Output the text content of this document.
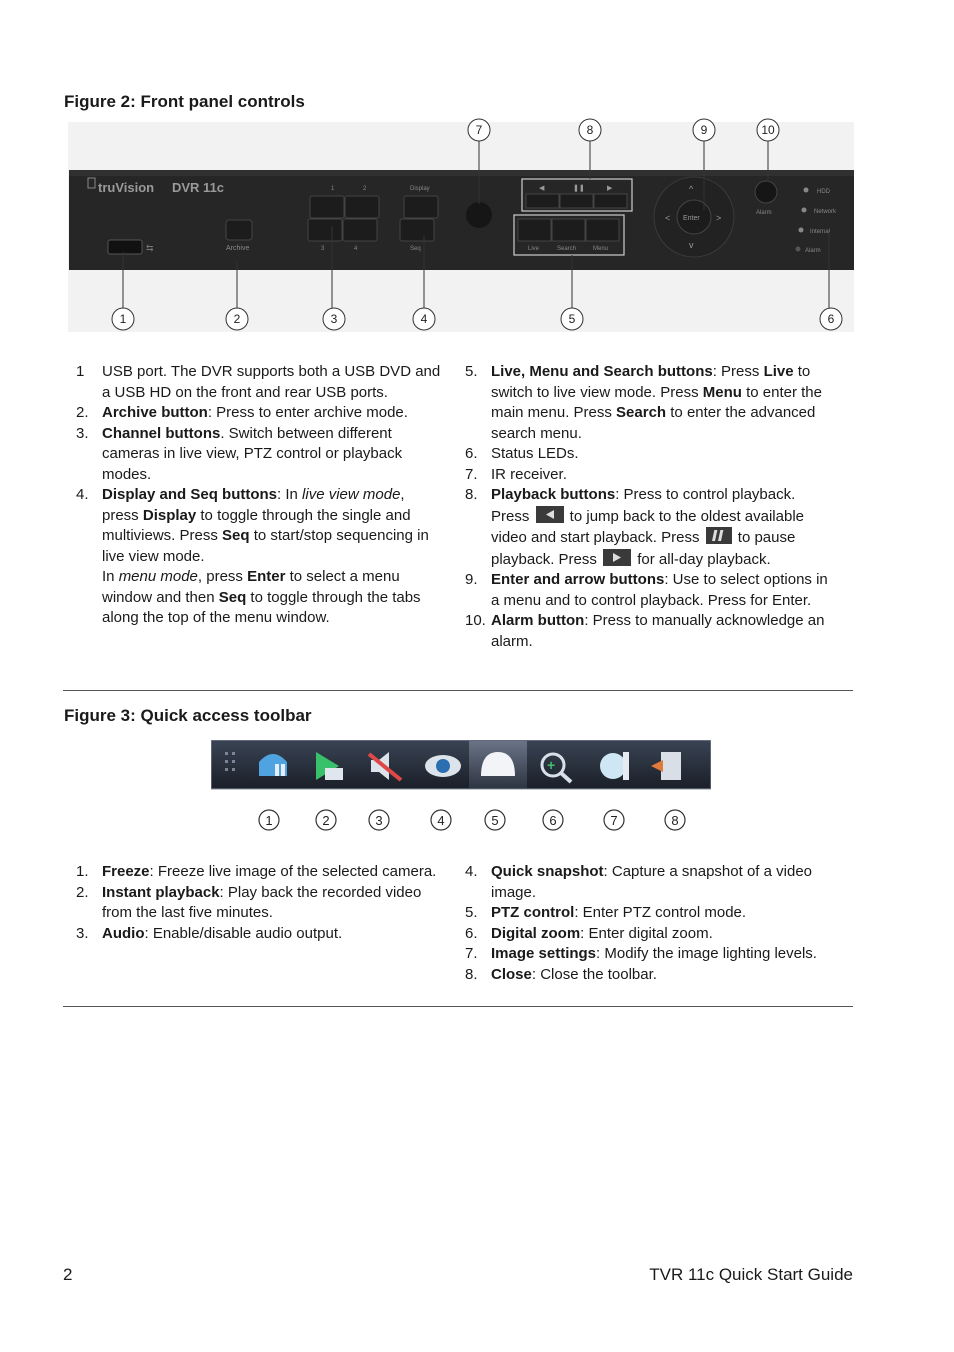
Figure 2: Front panel controls
truVision DVR 11c
⇆	Archive
1	2
3	4
Display
Seq
◀	❚❚	▶
Live	Search	Menu
Enter
^
<	>
v
Alarm
HDD
Network
Internal
Alarm
7	8	9	10
1	2	3	4	5	6
1	USB port. The DVR supports both a USB DVD and a USB HD on the front and rear USB ports.
2. Archive button: Press to enter archive mode.
3. Channel buttons. Switch between different cameras in live view, PTZ control or playback modes.
4. Display and Seq buttons: In live view mode, press Display to toggle through the single and multiviews. Press Seq to start/stop sequencing in live view mode.
In menu mode, press Enter to select a menu window and then Seq to toggle through the tabs along the top of the menu window.
5. Live, Menu and Search buttons: Press Live to switch to live view mode. Press Menu to enter the main menu. Press Search to enter the advanced search menu.
6. Status LEDs.
7. IR receiver.
8. Playback buttons: Press to control playback. Press  to jump back to the oldest available video and start playback. Press  to pause playback. Press  for all-day playback.
9. Enter and arrow buttons: Use to select options in a menu and to control playback. Press for Enter.
10. Alarm button: Press to manually acknowledge an alarm.
Figure 3: Quick access toolbar
+
1	2	3	4	5	6	7	8
1. Freeze: Freeze live image of the selected camera.
2. Instant playback: Play back the recorded video from the last five minutes.
3. Audio: Enable/disable audio output.
4. Quick snapshot: Capture a snapshot of a video image.
5. PTZ control: Enter PTZ control mode.
6. Digital zoom: Enter digital zoom.
7. Image settings: Modify the image lighting levels.
8. Close: Close the toolbar.
2	TVR 11c Quick Start Guide
